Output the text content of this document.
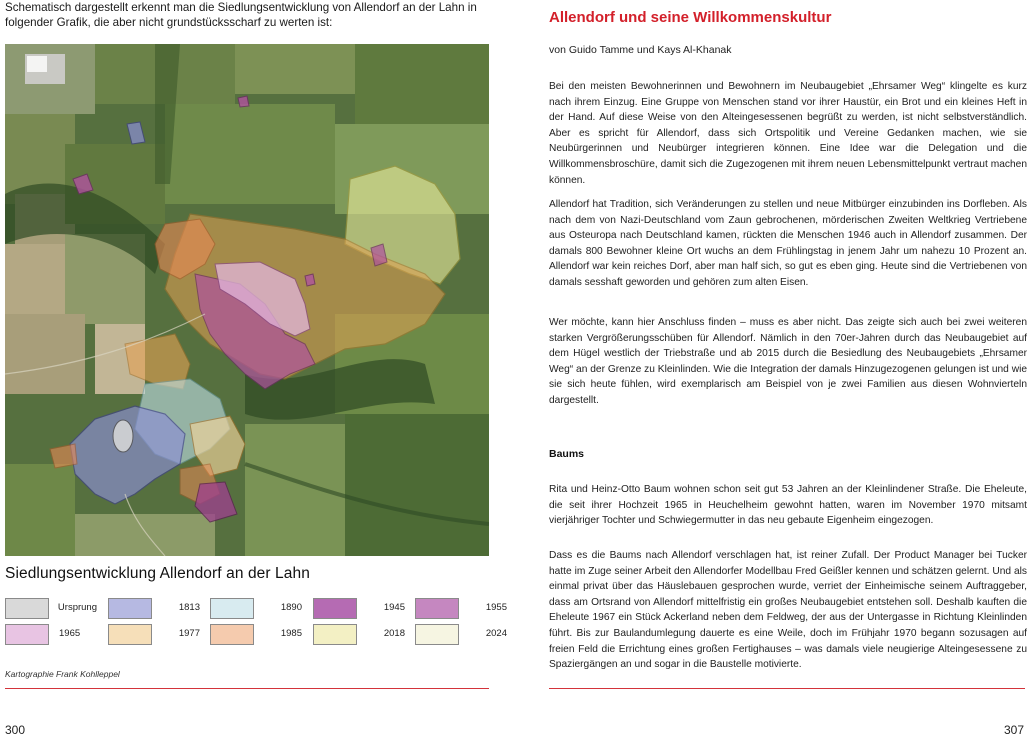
Schematisch dargestellt erkennt man die Siedlungsentwicklung von Allendorf an der Lahn in folgender Grafik, die aber nicht grundstücksscharf zu werten ist:
Siedlungsentwicklung Allendorf an der Lahn
Ursprung	1813	1890	1945	1955
1965	1977	1985	2018	2024
Kartographie Frank Kohlleppel
300
Allendorf und seine Willkommenskultur
von Guido Tamme und Kays Al-Khanak

Bei den meisten Bewohnerinnen und Bewohnern im Neubaugebiet „Ehrsamer Weg“ klingelte es kurz nach ihrem Einzug. Eine Gruppe von Menschen stand vor ihrer Haustür, ein Brot und ein kleines Heft in der Hand. Auf diese Weise von den Alteingesessenen begrüßt zu werden, ist nicht selbstverständlich. Aber es spricht für Allendorf, dass sich Ortspolitik und Vereine Gedanken machen, wie sie Neubürgerinnen und Neubürger integrieren können. Eine Idee war die Delegation und die Willkommensbroschüre, damit sich die Zugezogenen mit ihrem neuen Lebensmittelpunkt vertraut machen können.

Allendorf hat Tradition, sich Veränderungen zu stellen und neue Mitbürger einzubinden ins Dorfleben. Als nach dem von Nazi-Deutschland vom Zaun gebrochenen, mörderischen Zweiten Weltkrieg Vertriebene aus Osteuropa nach Deutschland kamen, rückten die Menschen 1946 auch in Allendorf zusammen. Der damals 800 Bewohner kleine Ort wuchs an dem Frühlingstag in jenem Jahr um nahezu 10 Prozent an. Allendorf war kein reiches Dorf, aber man half sich, so gut es eben ging. Heute sind die Vertriebenen von damals sesshaft geworden und gehören zum alten Eisen.

Wer möchte, kann hier Anschluss finden – muss es aber nicht. Das zeigte sich auch bei zwei weiteren starken Vergrößerungsschüben für Allendorf. Nämlich in den 70er-Jahren durch das Neubaugebiet auf dem Hügel westlich der Triebstraße und ab 2015 durch die Besiedlung des Neubaugebiets „Ehrsamer Weg“ an der Grenze zu Kleinlinden. Wie die Integration der damals Hinzugezogenen gelungen ist und wie sie sich heute fühlen, wird exemplarisch am Beispiel von je zwei Familien aus diesen Wohnvierteln dargestellt.

Baums

Rita und Heinz-Otto Baum wohnen schon seit gut 53 Jahren an der Kleinlindener Straße. Die Eheleute, die seit ihrer Hochzeit 1965 in Heuchelheim gewohnt hatten, waren im November 1970 mitsamt vierjähriger Tochter und Schwiegermutter in das neu gebaute Eigenheim eingezogen.

Dass es die Baums nach Allendorf verschlagen hat, ist reiner Zufall. Der Product Manager bei Tucker hatte im Zuge seiner Arbeit den Allendorfer Modellbau Fred Geißler kennen und schätzen gelernt. Und als einmal privat über das Häuslebauen gesprochen wurde, verriet der Einheimische seinem Auftraggeber, dass am Ortsrand von Allendorf mittelfristig ein großes Neubaugebiet entstehen soll. Deshalb kauften die Eheleute 1967 ein Stück Ackerland neben dem Feldweg, der aus der Untergasse in Richtung Kleinlinden führt. Bis zur Baulandumlegung dauerte es eine Weile, doch im Frühjahr 1970 begann sozusagen auf freien Feld die Errichtung eines großen Fertighauses – was damals viele neugierige Alteingesessene zu Spaziergängen an und sogar in die Baustelle motivierte.

307
